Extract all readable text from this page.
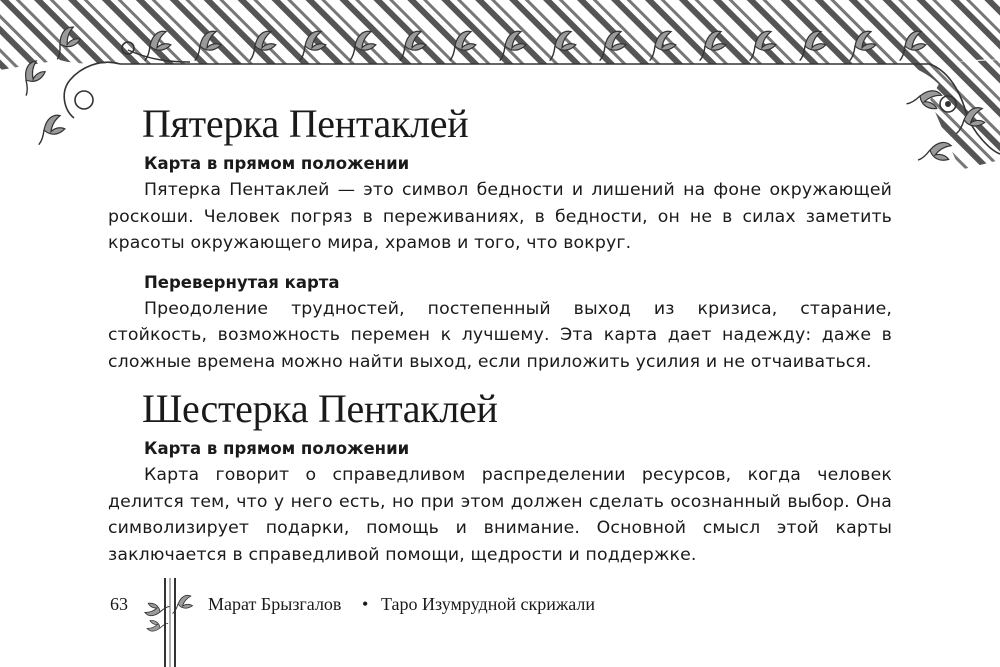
Пятерка Пентаклей
Карта в прямом положении

Пятерка Пентаклей — это символ бедности и лишений на фоне окружающей роскоши. Человек погряз в переживаниях, в бедности, он не в силах заметить красоты окружающего мира, храмов и того, что вокруг.

Перевернутая карта

Преодоление трудностей, постепенный выход из кризиса, старание, стойкость, возможность перемен к лучшему. Эта карта дает надежду: даже в сложные времена можно найти выход, если приложить усилия и не отчаиваться.

Шестерка Пентаклей
Карта в прямом положении

Карта говорит о справедливом распределении ресурсов, когда человек делится тем, что у него есть, но при этом должен сделать осознанный выбор. Она символизирует подарки, помощь и внимание. Основной смысл этой карты заключается в справедливой помощи, щедрости и поддержке.

63	Марат Брызгалов • Таро Изумрудной скрижали
